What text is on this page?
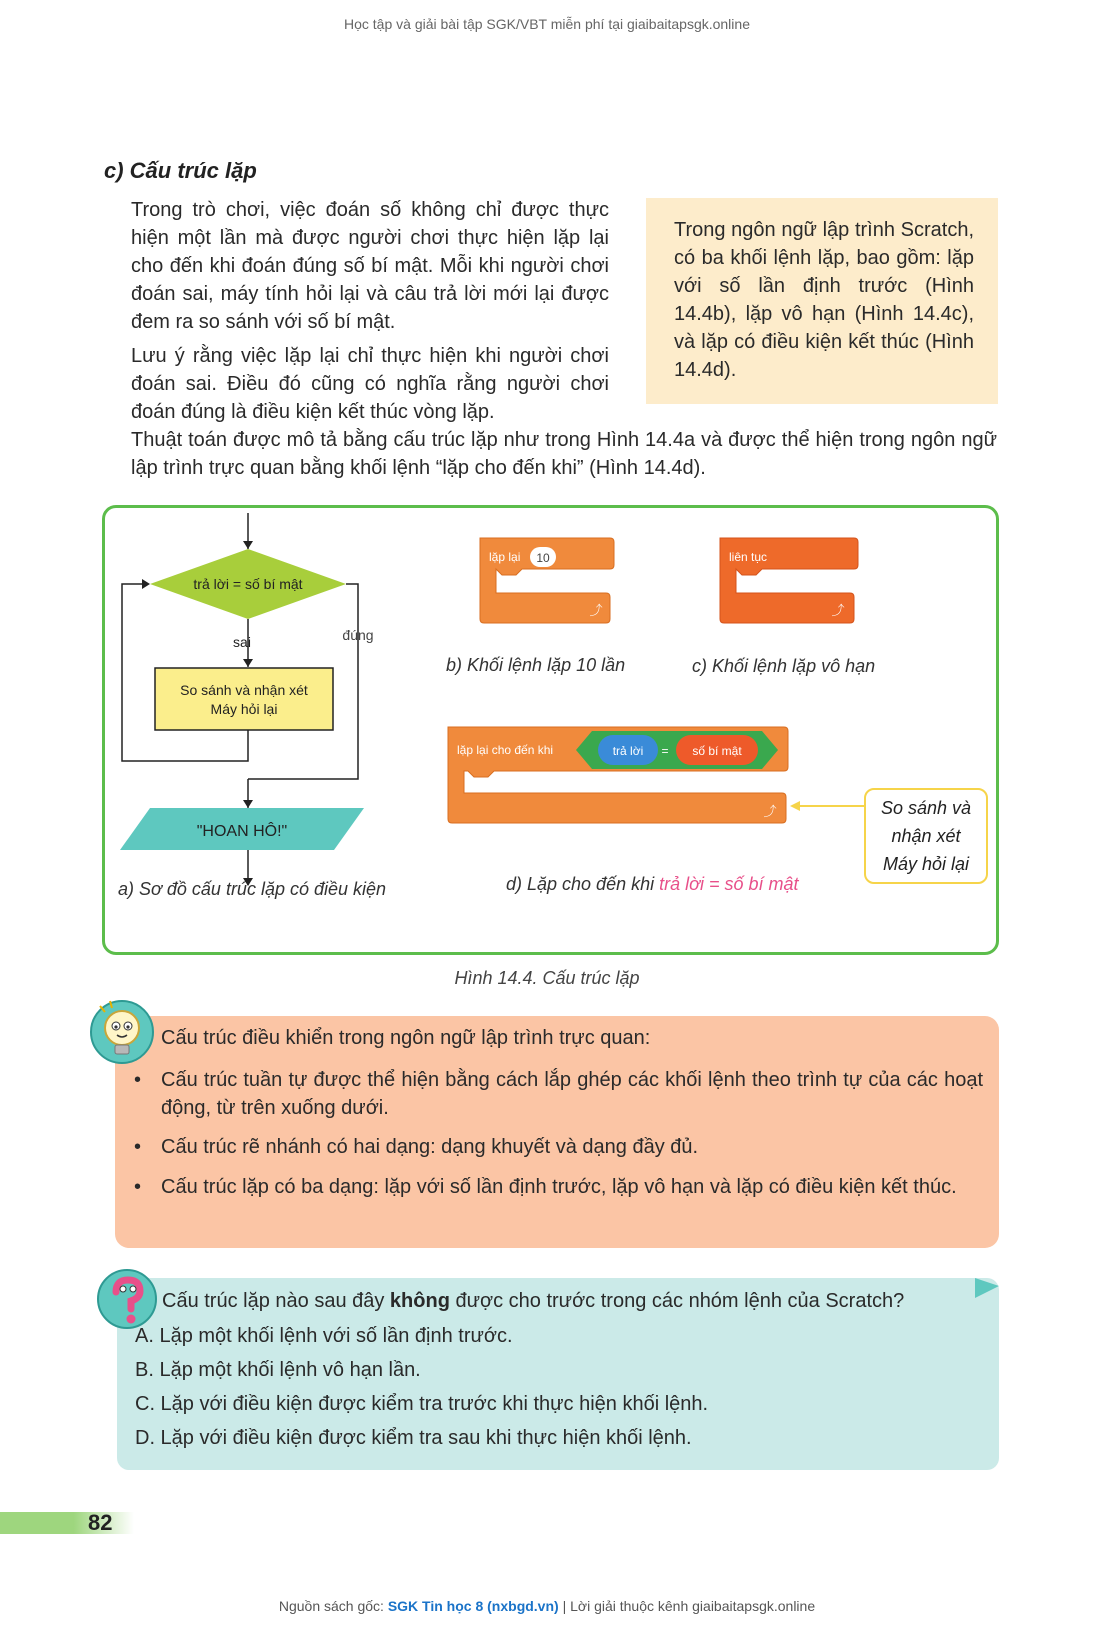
Học tập và giải bài tập SGK/VBT miễn phí tại giaibaitapsgk.online
c) Cấu trúc lặp
Trong trò chơi, việc đoán số không chỉ được thực hiện một lần mà được người chơi thực hiện lặp lại cho đến khi đoán đúng số bí mật. Mỗi khi người chơi đoán sai, máy tính hỏi lại và câu trả lời mới lại được đem ra so sánh với số bí mật.
Lưu ý rằng việc lặp lại chỉ thực hiện khi người chơi đoán sai. Điều đó cũng có nghĩa rằng người chơi đoán đúng là điều kiện kết thúc vòng lặp.
Trong ngôn ngữ lập trình Scratch, có ba khối lệnh lặp, bao gồm: lặp với số lần định trước (Hình 14.4b), lặp vô hạn (Hình 14.4c), và lặp có điều kiện kết thúc (Hình 14.4d).
Thuật toán được mô tả bằng cấu trúc lặp như trong Hình 14.4a và được thể hiện trong ngôn ngữ lập trình trực quan bằng khối lệnh “lặp cho đến khi” (Hình 14.4d).
trả lời = số bí mật
sai
So sánh và nhận xét
Máy hỏi lại
đúng
"HOAN HÔ!"
lặp lại 10
⤴
liên tục
⤴
b) Khối lệnh lặp 10 lần	c) Khối lệnh lặp vô hạn
lặp lại cho đến khi	trả lời = số bí mật
⤴
a) Sơ đồ cấu trúc lặp có điều kiện	d) Lặp cho đến khi trả lời = số bí mật
So sánh và
nhận xét
Máy hỏi lại
Hình 14.4. Cấu trúc lặp
Cấu trúc điều khiển trong ngôn ngữ lập trình trực quan:
• Cấu trúc tuần tự được thể hiện bằng cách lắp ghép các khối lệnh theo trình tự của các hoạt động, từ trên xuống dưới.
• Cấu trúc rẽ nhánh có hai dạng: dạng khuyết và dạng đầy đủ.
• Cấu trúc lặp có ba dạng: lặp với số lần định trước, lặp vô hạn và lặp có điều kiện kết thúc.
Cấu trúc lặp nào sau đây không được cho trước trong các nhóm lệnh của Scratch?
A. Lặp một khối lệnh với số lần định trước.
B. Lặp một khối lệnh vô hạn lần.
C. Lặp với điều kiện được kiểm tra trước khi thực hiện khối lệnh.
D. Lặp với điều kiện được kiểm tra sau khi thực hiện khối lệnh.
82
Nguồn sách gốc: SGK Tin học 8 (nxbgd.vn) | Lời giải thuộc kênh giaibaitapsgk.online
